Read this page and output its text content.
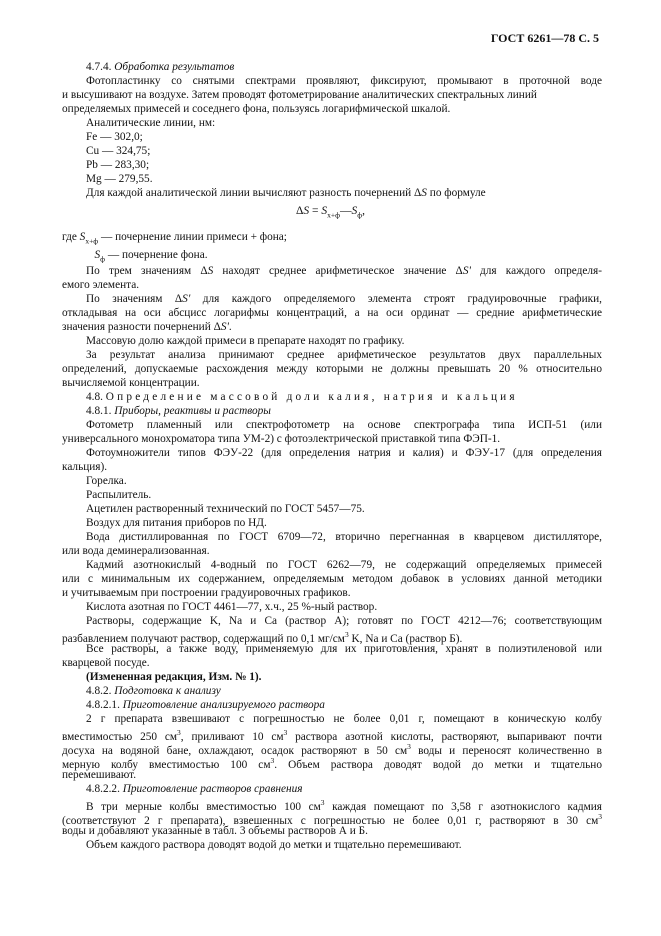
ГОСТ 6261—78 С. 5
$\Delta S = S_{x+ф}—S_ф$,
4.7.4. Обработка результатов
Фотопластинку со снятыми спектрами проявляют, фиксируют, промывают в проточной воде
и высушивают на воздухе. Затем проводят фотометрирование аналитических спектральных линий
определяемых примесей и соседнего фона, пользуясь логарифмической шкалой.
Аналитические линии, нм:
Fe — 302,0;
Cu — 324,75;
Pb — 283,30;
Mg — 279,55.
Для каждой аналитической линии вычисляют разность почернений ΔS по формуле
где $S_{x+ф}$ — почернение линии примеси + фона;
$S_ф$ — почернение фона.
По трем значениям ΔS находят среднее арифметическое значение ΔS' для каждого определя-
емого элемента.
По значениям ΔS' для каждого определяемого элемента строят градуировочные графики,
откладывая на оси абсцисс логарифмы концентраций, а на оси ординат — средние арифметические
значения разности почернений ΔS'.
Массовую долю каждой примеси в препарате находят по графику.
За результат анализа принимают среднее арифметическое результатов двух параллельных
определений, допускаемые расхождения между которыми не должны превышать 20 % относительно
вычисляемой концентрации.
4.8. Определение массовой доли калия, натрия и кальция
4.8.1. Приборы, реактивы и растворы
Фотометр пламенный или спектрофотометр на основе спектрографа типа ИСП-51 (или
универсального монохроматора типа УМ-2) с фотоэлектрической приставкой типа ФЭП-1.
Фотоумножители типов ФЭУ-22 (для определения натрия и калия) и ФЭУ-17 (для определения
кальция).
Горелка.
Распылитель.
Ацетилен растворенный технический по ГОСТ 5457—75.
Воздух для питания приборов по НД.
Вода дистиллированная по ГОСТ 6709—72, вторично перегнанная в кварцевом дистилляторе,
или вода деминерализованная.
Кадмий азотнокислый 4-водный по ГОСТ 6262—79, не содержащий определяемых примесей
или с минимальным их содержанием, определяемым методом добавок в условиях данной методики
и учитываемым при построении градуировочных графиков.
Кислота азотная по ГОСТ 4461—77, х.ч., 25 %-ный раствор.
Растворы, содержащие K, Na и Ca (раствор А); готовят по ГОСТ 4212—76; соответствующим
разбавлением получают раствор, содержащий по 0,1 $мг/см^3$ K, Na и Ca (раствор Б).
Все растворы, а также воду, применяемую для их приготовления, хранят в полиэтиленовой или
кварцевой посуде.
(Измененная редакция, Изм. № 1).
4.8.2. Подготовка к анализу
4.8.2.1. Приготовление анализируемого раствора
2 г препарата взвешивают с погрешностью не более 0,01 г, помещают в коническую колбу
вместимостью 250 $см^3$, приливают 10 $см^3$ раствора азотной кислоты, растворяют, выпаривают почти
досуха на водяной бане, охлаждают, осадок растворяют в 50 $см^3$ воды и переносят количественно в
мерную колбу вместимостью 100 $см^3$. Объем раствора доводят водой до метки и тщательно
перемешивают.
4.8.2.2. Приготовление растворов сравнения
В три мерные колбы вместимостью 100 $см^3$ каждая помещают по 3,58 г азотнокислого кадмия
(соответствуют 2 г препарата), взвешенных с погрешностью не более 0,01 г, растворяют в 30 $см^3$
воды и добавляют указанные в табл. 3 объемы растворов А и Б.
Объем каждого раствора доводят водой до метки и тщательно перемешивают.
